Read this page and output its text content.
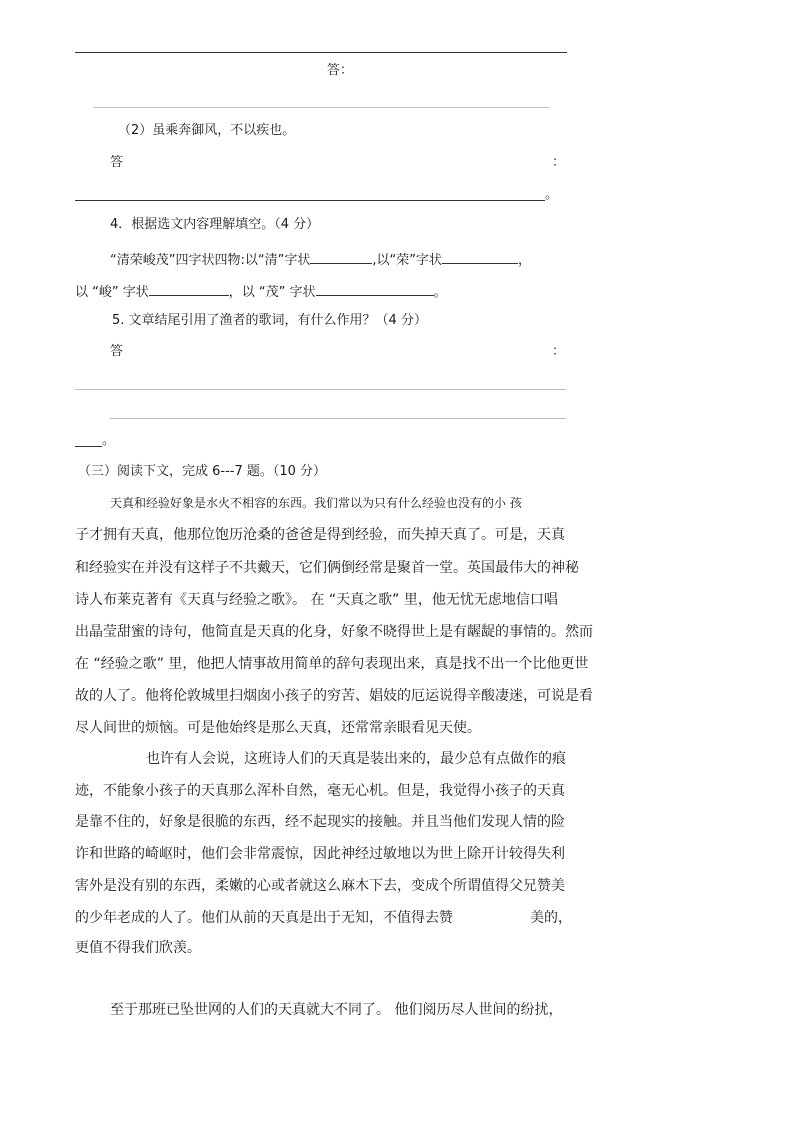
答：
（2）虽乘奔御风，不以疾也。
答	：
。
4．根据选文内容理解填空。（4 分）
“清荣峻茂”四字状四物:以“清”字状	,以“荣”字状	，
以 “峻” 字状	，以 “茂” 字状	。
5. 文章结尾引用了渔者的歌词，有什么作用？（4 分）
答	：
。
（三）阅读下文，完成 6---7 题。（10 分）
天真和经验好象是水火不相容的东西。我们常以为只有什么经验也没有的小 孩
子才拥有天真，他那位饱历沧桑的爸爸是得到经验，而失掉天真了。可是，天真
和经验实在并没有这样子不共戴天，它们俩倒经常是聚首一堂。英国最伟大的神秘
诗人布莱克著有《天真与经验之歌》。 在 “天真之歌” 里，他无忧无虑地信口唱
出晶莹甜蜜的诗句，他简直是天真的化身，好象不晓得世上是有龌龊的事情的。然而
在 “经验之歌” 里，他把人情事故用简单的辞句表现出来，真是找不出一个比他更世
故的人了。他将伦敦城里扫烟囱小孩子的穷苦、娼妓的厄运说得辛酸凄迷，可说是看
尽人间世的烦恼。可是他始终是那么天真，还常常亲眼看见天使。
也许有人会说，这班诗人们的天真是装出来的，最少总有点做作的痕
迹，不能象小孩子的天真那么浑朴自然，毫无心机。但是，我觉得小孩子的天真
是靠不住的，好象是很脆的东西，经不起现实的接触。并且当他们发现人情的险
诈和世路的崎岖时，他们会非常震惊，因此神经过敏地以为世上除开计较得失利
害外是没有别的东西，柔嫩的心或者就这么麻木下去，变成个所谓值得父兄赞美
的少年老成的人了。他们从前的天真是出于无知，不值得去赞	美的，
更值不得我们欣羡。
至于那班已坠世网的人们的天真就大不同了。 他们阅历尽人世间的纷扰，
